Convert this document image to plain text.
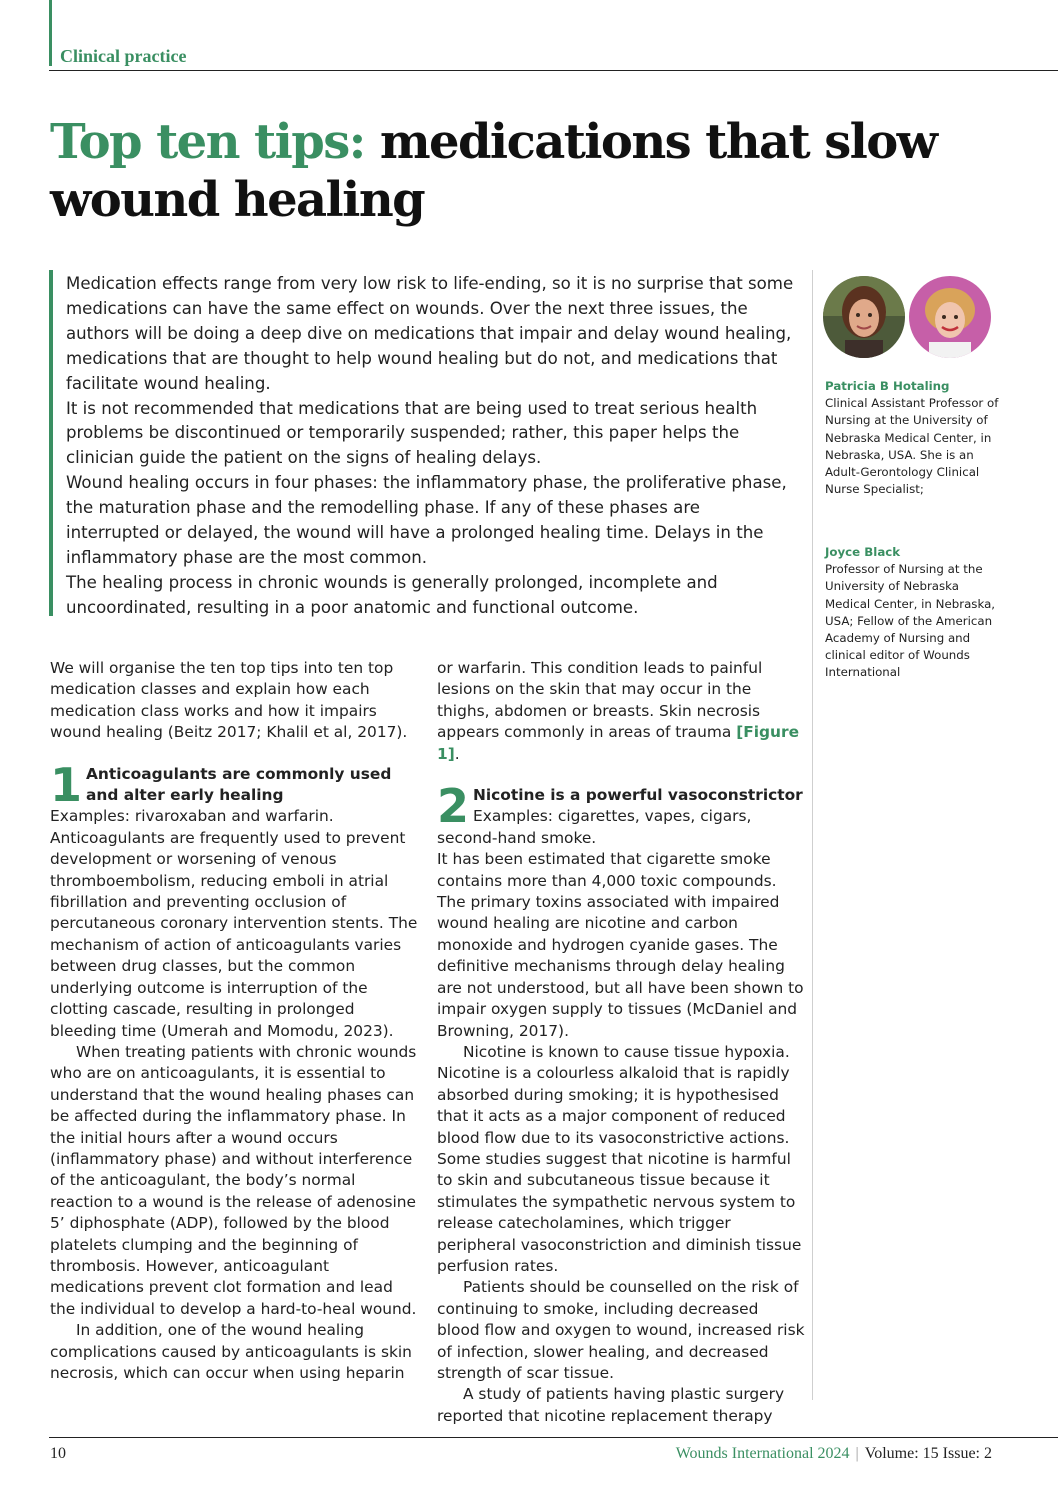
Clinical practice
Top ten tips: medications that slow wound healing

Medication effects range from very low risk to life-ending, so it is no surprise that some medications can have the same effect on wounds. Over the next three issues, the authors will be doing a deep dive on medications that impair and delay wound healing, medications that are thought to help wound healing but do not, and medications that facilitate wound healing.

It is not recommended that medications that are being used to treat serious health problems be discontinued or temporarily suspended; rather, this paper helps the clinician guide the patient on the signs of healing delays.

Wound healing occurs in four phases: the inflammatory phase, the proliferative phase, the maturation phase and the remodelling phase. If any of these phases are interrupted or delayed, the wound will have a prolonged healing time. Delays in the inflammatory phase are the most common.

The healing process in chronic wounds is generally prolonged, incomplete and uncoordinated, resulting in a poor anatomic and functional outcome.

Patricia B Hotaling
Clinical Assistant Professor of Nursing at the University of Nebraska Medical Center, in Nebraska, USA. She is an Adult-Gerontology Clinical Nurse Specialist;
Joyce Black
Professor of Nursing at the University of Nebraska Medical Center, in Nebraska, USA; Fellow of the American Academy of Nursing and clinical editor of Wounds International

We will organise the ten top tips into ten top medication classes and explain how each medication class works and how it impairs wound healing (Beitz 2017; Khalil et al, 2017).

1 Anticoagulants are commonly used and alter early healing

Examples: rivaroxaban and warfarin. Anticoagulants are frequently used to prevent development or worsening of venous thromboembolism, reducing emboli in atrial fibrillation and preventing occlusion of percutaneous coronary intervention stents. The mechanism of action of anticoagulants varies between drug classes, but the common underlying outcome is interruption of the clotting cascade, resulting in prolonged bleeding time (Umerah and Momodu, 2023).

When treating patients with chronic wounds who are on anticoagulants, it is essential to understand that the wound healing phases can be affected during the inflammatory phase. In the initial hours after a wound occurs (inflammatory phase) and without interference of the anticoagulant, the body’s normal reaction to a wound is the release of adenosine 5’ diphosphate (ADP), followed by the blood platelets clumping and the beginning of thrombosis. However, anticoagulant medications prevent clot formation and lead the individual to develop a hard-to-heal wound.

In addition, one of the wound healing complications caused by anticoagulants is skin necrosis, which can occur when using heparin

or warfarin. This condition leads to painful lesions on the skin that may occur in the thighs, abdomen or breasts. Skin necrosis appears commonly in areas of trauma [Figure 1].

2 Nicotine is a powerful vasoconstrictor

Examples: cigarettes, vapes, cigars, second-hand smoke.

It has been estimated that cigarette smoke contains more than 4,000 toxic compounds. The primary toxins associated with impaired wound healing are nicotine and carbon monoxide and hydrogen cyanide gases. The definitive mechanisms through delay healing are not understood, but all have been shown to impair oxygen supply to tissues (McDaniel and Browning, 2017).

Nicotine is known to cause tissue hypoxia. Nicotine is a colourless alkaloid that is rapidly absorbed during smoking; it is hypothesised that it acts as a major component of reduced blood flow due to its vasoconstrictive actions. Some studies suggest that nicotine is harmful to skin and subcutaneous tissue because it stimulates the sympathetic nervous system to release catecholamines, which trigger peripheral vasoconstriction and diminish tissue perfusion rates.

Patients should be counselled on the risk of continuing to smoke, including decreased blood flow and oxygen to wound, increased risk of infection, slower healing, and decreased strength of scar tissue.

A study of patients having plastic surgery reported that nicotine replacement therapy

10	Wounds International 2024 | Volume: 15 Issue: 2
